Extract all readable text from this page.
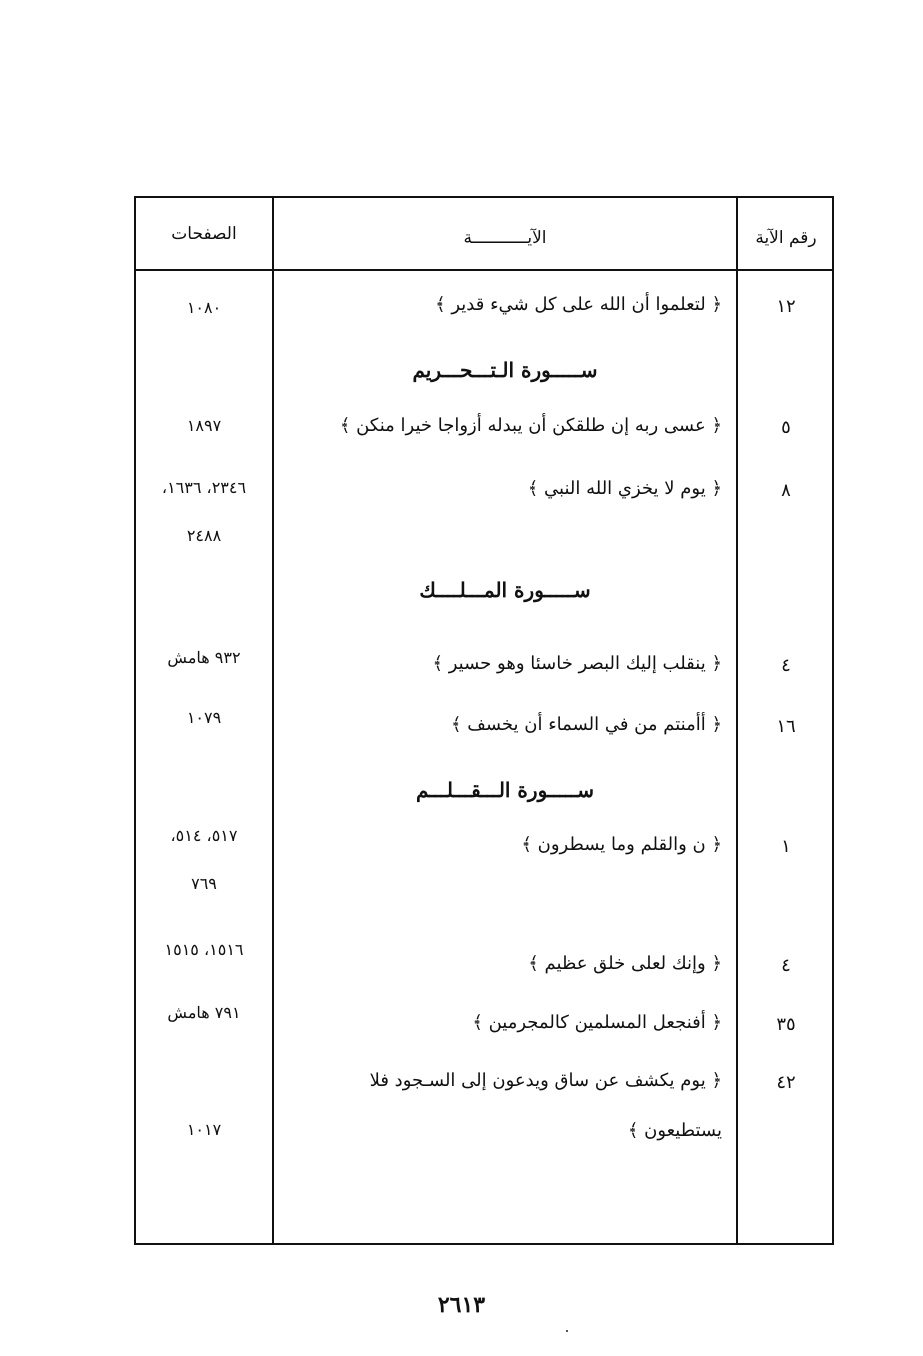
رقم الآية
الآيـــــــــــة
الصفحات
١٢
﴿ لتعلموا أن الله على كل شيء قدير ﴾
١٠٨٠
ســـــورة الـتـــحـــريم
٥
﴿ عسى ربه إن طلقكن أن يبدله أزواجا خيرا منكن ﴾
١٨٩٧
٨
﴿ يوم لا يخزي الله النبي ﴾
٢٣٤٦، ١٦٣٦،
٢٤٨٨
ســـــورة المـــلــــك
٤
﴿ ينقلب إليك البصر خاسئا وهو حسير ﴾
٩٣٢ هامش
١٦
﴿ أأمنتم من في السماء أن يخسف ﴾
١٠٧٩
ســـــورة الـــقـــلـــم
١
﴿ ن والقلم وما يسطرون ﴾
٥١٧، ٥١٤،
٧٦٩
٤
﴿ وإنك لعلى خلق عظيم ﴾
١٥١٦، ١٥١٥
٣٥
﴿ أفنجعل المسلمين كالمجرمين ﴾
٧٩١ هامش
٤٢
﴿ يوم يكشف عن ساق ويدعون إلى السـجود فلا
يستطيعون ﴾
١٠١٧
٢٦١٣
